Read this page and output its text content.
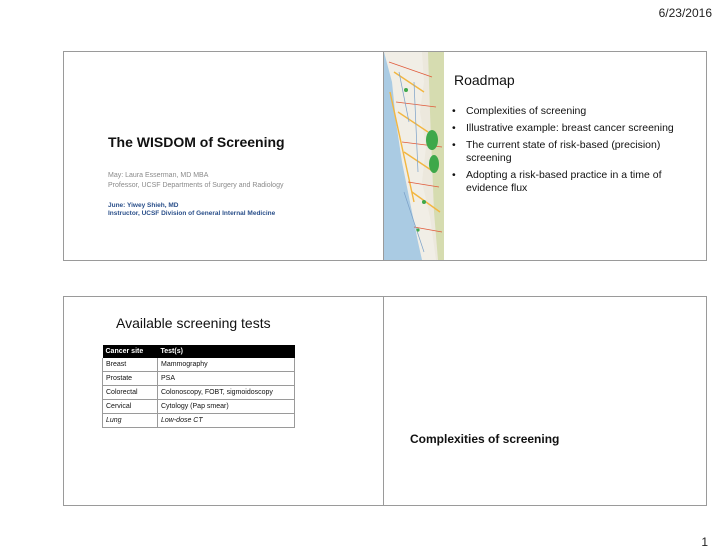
6/23/2016
The WISDOM of Screening
May: Laura Esserman, MD MBA
Professor, UCSF Departments of Surgery and Radiology
June: Yiwey Shieh, MD
Instructor, UCSF Division of General Internal Medicine
Roadmap
• Complexities of screening
• Illustrative example: breast cancer screening
• The current state of risk-based (precision) screening
• Adopting a risk-based practice in a time of evidence flux
Available screening tests
Cancer site	Test(s)
Breast	Mammography
Prostate	PSA
Colorectal	Colonoscopy, FOBT, sigmoidoscopy
Cervical	Cytology (Pap smear)
Lung	Low-dose CT
Complexities of screening
1
